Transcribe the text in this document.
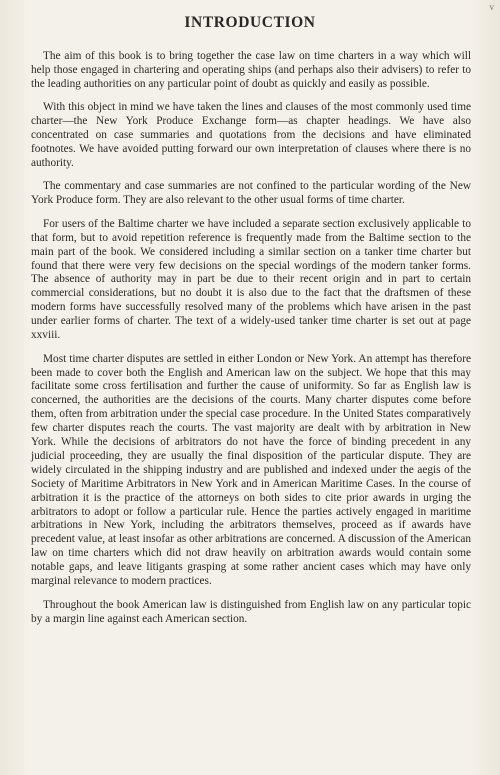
v
INTRODUCTION

The aim of this book is to bring together the case law on time charters in a way which will help those engaged in chartering and operating ships (and perhaps also their advisers) to refer to the leading authorities on any particular point of doubt as quickly and easily as possible.

With this object in mind we have taken the lines and clauses of the most commonly used time charter—the New York Produce Exchange form—as chapter headings. We have also concentrated on case summaries and quotations from the decisions and have eliminated footnotes. We have avoided putting forward our own interpretation of clauses where there is no authority.

The commentary and case summaries are not confined to the particular wording of the New York Produce form. They are also relevant to the other usual forms of time charter.

For users of the Baltime charter we have included a separate section exclusively applicable to that form, but to avoid repetition reference is frequently made from the Baltime section to the main part of the book. We considered including a similar section on a tanker time charter but found that there were very few decisions on the special wordings of the modern tanker forms. The absence of authority may in part be due to their recent origin and in part to certain commercial considerations, but no doubt it is also due to the fact that the draftsmen of these modern forms have successfully resolved many of the problems which have arisen in the past under earlier forms of charter. The text of a widely-used tanker time charter is set out at page xxviii.

Most time charter disputes are settled in either London or New York. An attempt has therefore been made to cover both the English and American law on the subject. We hope that this may facilitate some cross fertilisation and further the cause of uniformity. So far as English law is concerned, the authorities are the decisions of the courts. Many charter disputes come before them, often from arbitration under the special case procedure. In the United States comparatively few charter disputes reach the courts. The vast majority are dealt with by arbitration in New York. While the decisions of arbitrators do not have the force of binding precedent in any judicial proceeding, they are usually the final disposition of the particular dispute. They are widely circulated in the shipping industry and are published and indexed under the aegis of the Society of Maritime Arbitrators in New York and in American Maritime Cases. In the course of arbitration it is the practice of the attorneys on both sides to cite prior awards in urging the arbitrators to adopt or follow a particular rule. Hence the parties actively engaged in maritime arbitrations in New York, including the arbitrators themselves, proceed as if awards have precedent value, at least insofar as other arbitrations are concerned. A discussion of the American law on time charters which did not draw heavily on arbitration awards would contain some notable gaps, and leave litigants grasping at some rather ancient cases which may have only marginal relevance to modern practices.

Throughout the book American law is distinguished from English law on any particular topic by a margin line against each American section.
